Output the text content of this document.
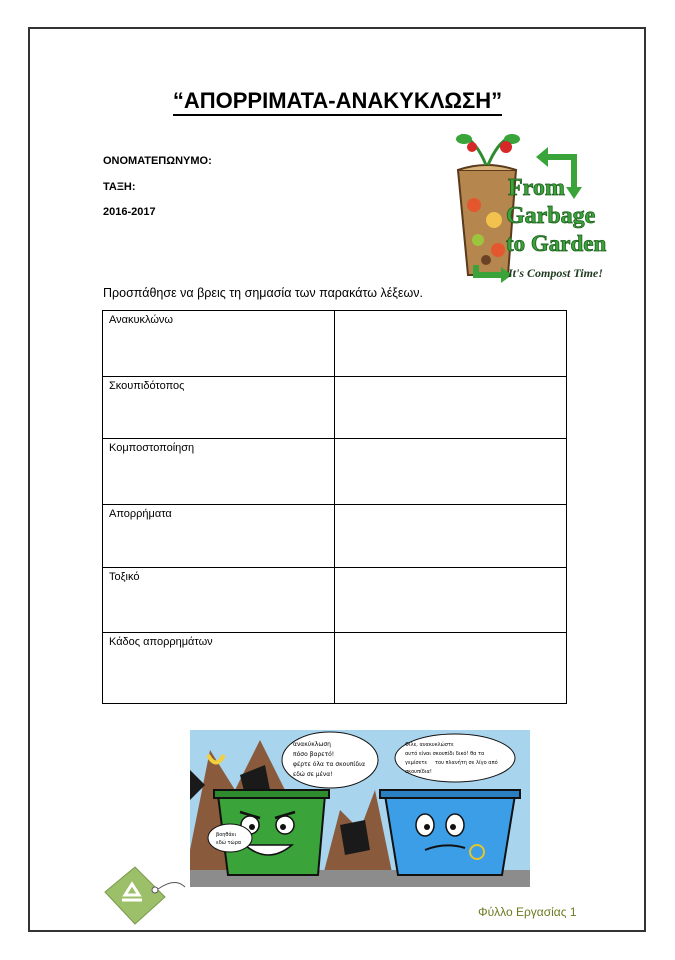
“ΑΠΟΡΡΙΜΑΤΑ-ΑΝΑΚΥΚΛΩΣΗ”
ΟΝΟΜΑΤΕΠΩΝΥΜΟ:
ΤΑΞΗ:
2016-2017
From
Garbage
to Garden
It's Compost Time!
Προσπάθησε να βρεις τη σημασία των παρακάτω λέξεων.
Ανακυκλώνω	
Σκουπιδότοπος	
Κομποστοποίηση	
Απορρήματα	
Τοξικό	
Κάδος απορρημάτων	
ανακύκλωση
πόσο βαρετό!
φέρτε όλα τα σκουπίδια
εδώ σε μένα!
Φίλε, ανακυκλώστε
αυτό είναι σκουπίδι δικό! θα τα
γεμίσετε του πλανήτη σε λίγο από
σκουπίδια!
βοηθάει
εδώ τώρα
Φύλλο Εργασίας 1
